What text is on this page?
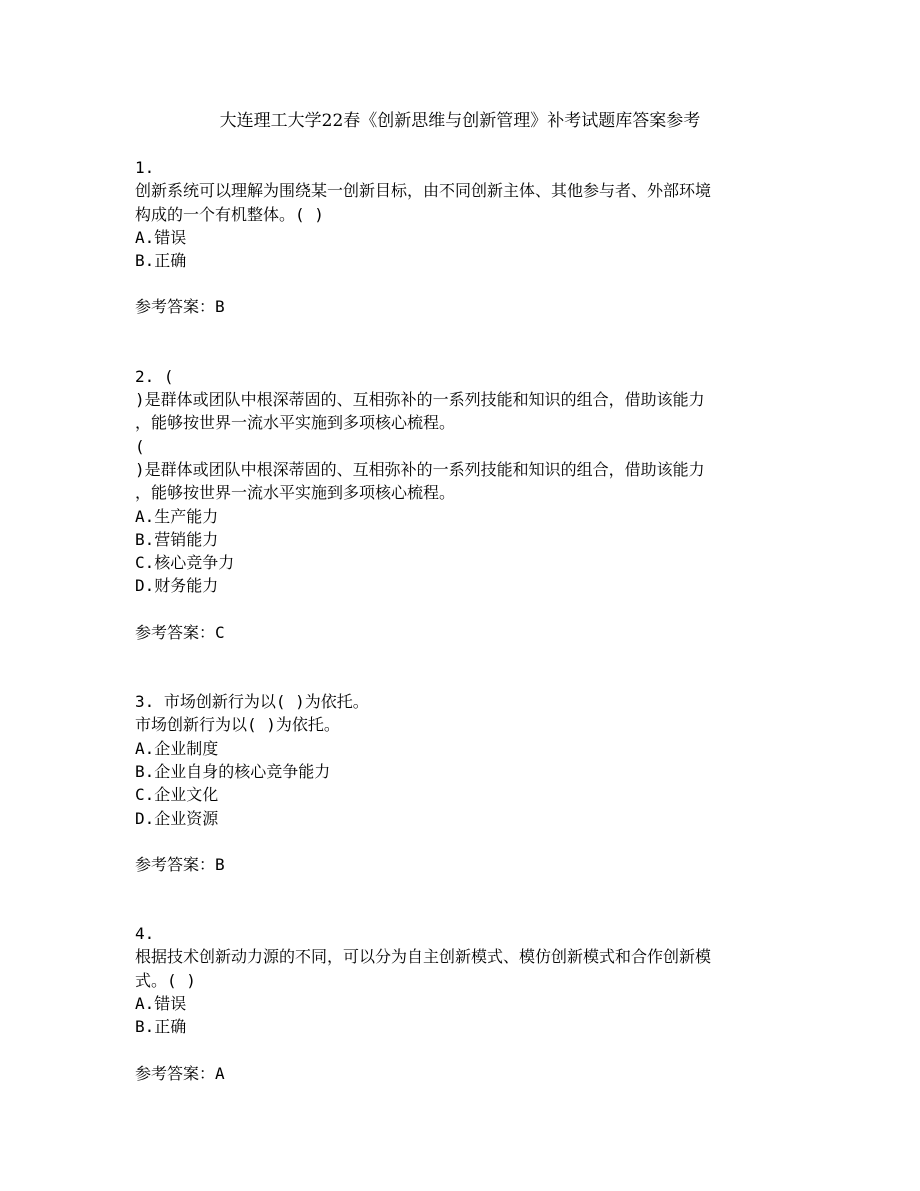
大连理工大学22春《创新思维与创新管理》补考试题库答案参考
1.
创新系统可以理解为围绕某一创新目标，由不同创新主体、其他参与者、外部环境
构成的一个有机整体。( )
A.错误
B.正确
参考答案：B
2. (
)是群体或团队中根深蒂固的、互相弥补的一系列技能和知识的组合，借助该能力
，能够按世界一流水平实施到多项核心梳程。
(
)是群体或团队中根深蒂固的、互相弥补的一系列技能和知识的组合，借助该能力
，能够按世界一流水平实施到多项核心梳程。
A.生产能力
B.营销能力
C.核心竞争力
D.财务能力
参考答案：C
3. 市场创新行为以( )为依托。
市场创新行为以( )为依托。
A.企业制度
B.企业自身的核心竞争能力
C.企业文化
D.企业资源
参考答案：B
4.
根据技术创新动力源的不同，可以分为自主创新模式、模仿创新模式和合作创新模
式。( )
A.错误
B.正确
参考答案：A
